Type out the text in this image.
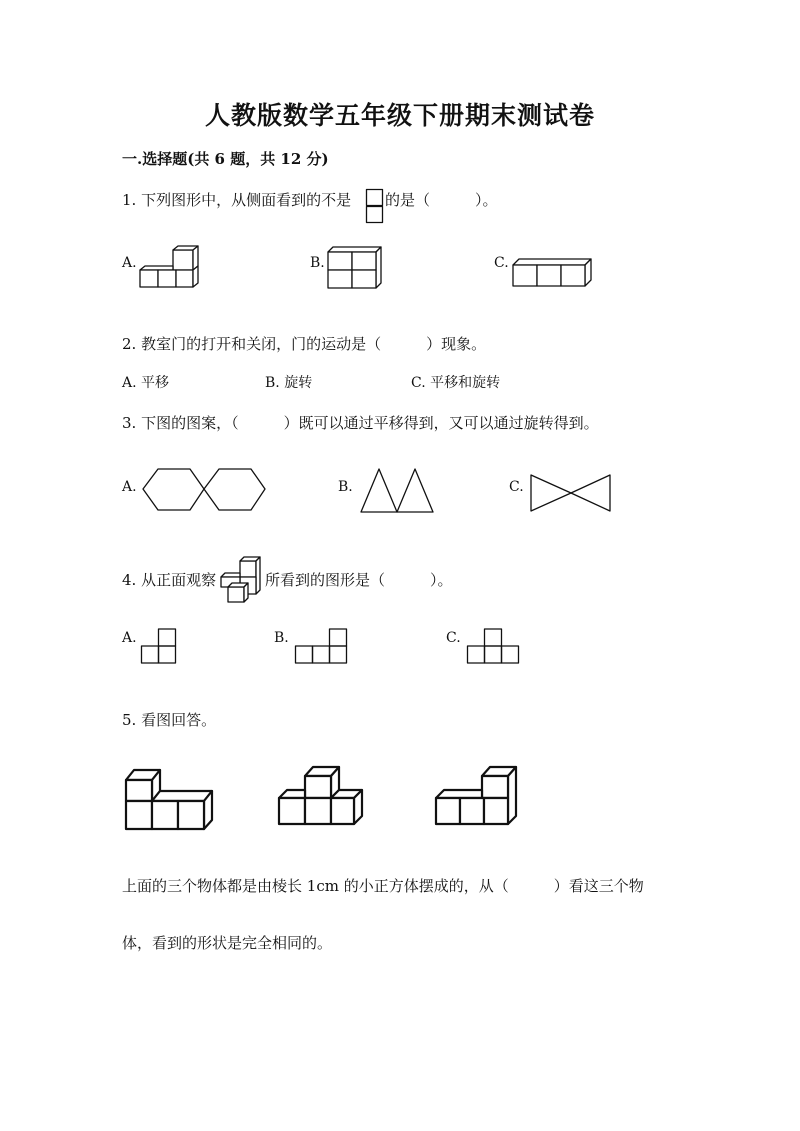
人教版数学五年级下册期末测试卷
一.选择题(共 6 题，共 12 分)
1. 下列图形中，从侧面看到的不是 的是（　　　）。
A.	B.	C.
2. 教室门的打开和关闭，门的运动是（　　　）现象。
A. 平移	B. 旋转	C. 平移和旋转
3. 下图的图案，（　　　）既可以通过平移得到，又可以通过旋转得到。
A.	B.	C.
4. 从正面观察	所看到的图形是（　　　）。
A.	B.	C.
5. 看图回答。
上面的三个物体都是由棱长 1cm 的小正方体摆成的，从（　　　）看这三个物
体，看到的形状是完全相同的。
